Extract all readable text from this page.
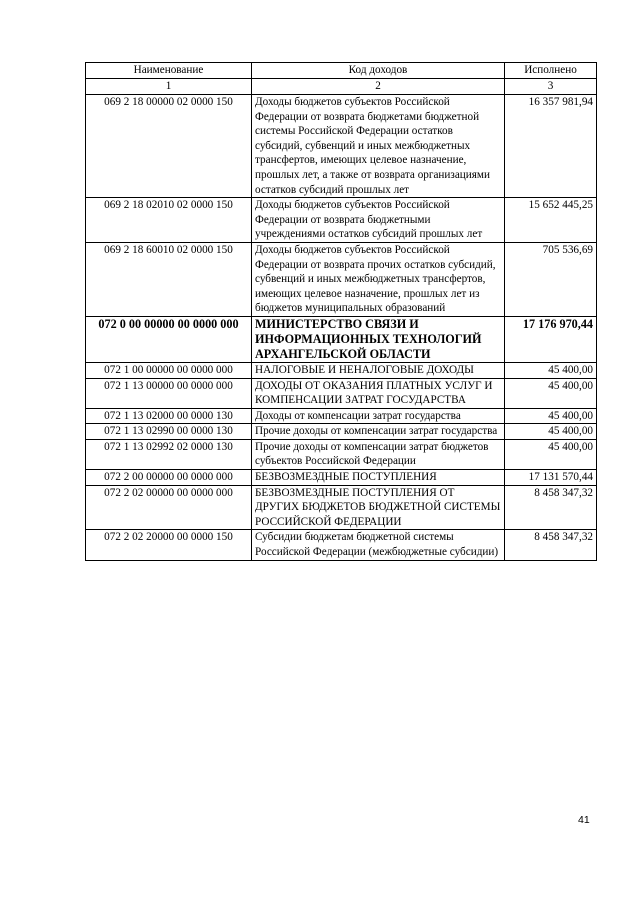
Наименование	Код доходов	Исполнено
1	2	3
069 2 18 00000 02 0000 150	Доходы бюджетов субъектов Российской Федерации от возврата бюджетами бюджетной системы Российской Федерации остатков субсидий, субвенций и иных межбюджетных трансфертов, имеющих целевое назначение, прошлых лет, а также от возврата организациями остатков субсидий прошлых лет	16 357 981,94
069 2 18 02010 02 0000 150	Доходы бюджетов субъектов Российской Федерации от возврата бюджетными учреждениями остатков субсидий прошлых лет	15 652 445,25
069 2 18 60010 02 0000 150	Доходы бюджетов субъектов Российской Федерации от возврата прочих остатков субсидий, субвенций и иных межбюджетных трансфертов, имеющих целевое назначение, прошлых лет из бюджетов муниципальных образований	705 536,69
072 0 00 00000 00 0000 000	МИНИСТЕРСТВО СВЯЗИ И ИНФОРМАЦИОННЫХ ТЕХНОЛОГИЙ АРХАНГЕЛЬСКОЙ ОБЛАСТИ	17 176 970,44
072 1 00 00000 00 0000 000	НАЛОГОВЫЕ И НЕНАЛОГОВЫЕ ДОХОДЫ	45 400,00
072 1 13 00000 00 0000 000	ДОХОДЫ ОТ ОКАЗАНИЯ ПЛАТНЫХ УСЛУГ И КОМПЕНСАЦИИ ЗАТРАТ ГОСУДАРСТВА	45 400,00
072 1 13 02000 00 0000 130	Доходы от компенсации затрат государства	45 400,00
072 1 13 02990 00 0000 130	Прочие доходы от компенсации затрат государства	45 400,00
072 1 13 02992 02 0000 130	Прочие доходы от компенсации затрат бюджетов субъектов Российской Федерации	45 400,00
072 2 00 00000 00 0000 000	БЕЗВОЗМЕЗДНЫЕ ПОСТУПЛЕНИЯ	17 131 570,44
072 2 02 00000 00 0000 000	БЕЗВОЗМЕЗДНЫЕ ПОСТУПЛЕНИЯ ОТ ДРУГИХ БЮДЖЕТОВ БЮДЖЕТНОЙ СИСТЕМЫ РОССИЙСКОЙ ФЕДЕРАЦИИ	8 458 347,32
072 2 02 20000 00 0000 150	Субсидии бюджетам бюджетной системы Российской Федерации (межбюджетные субсидии)	8 458 347,32
41
